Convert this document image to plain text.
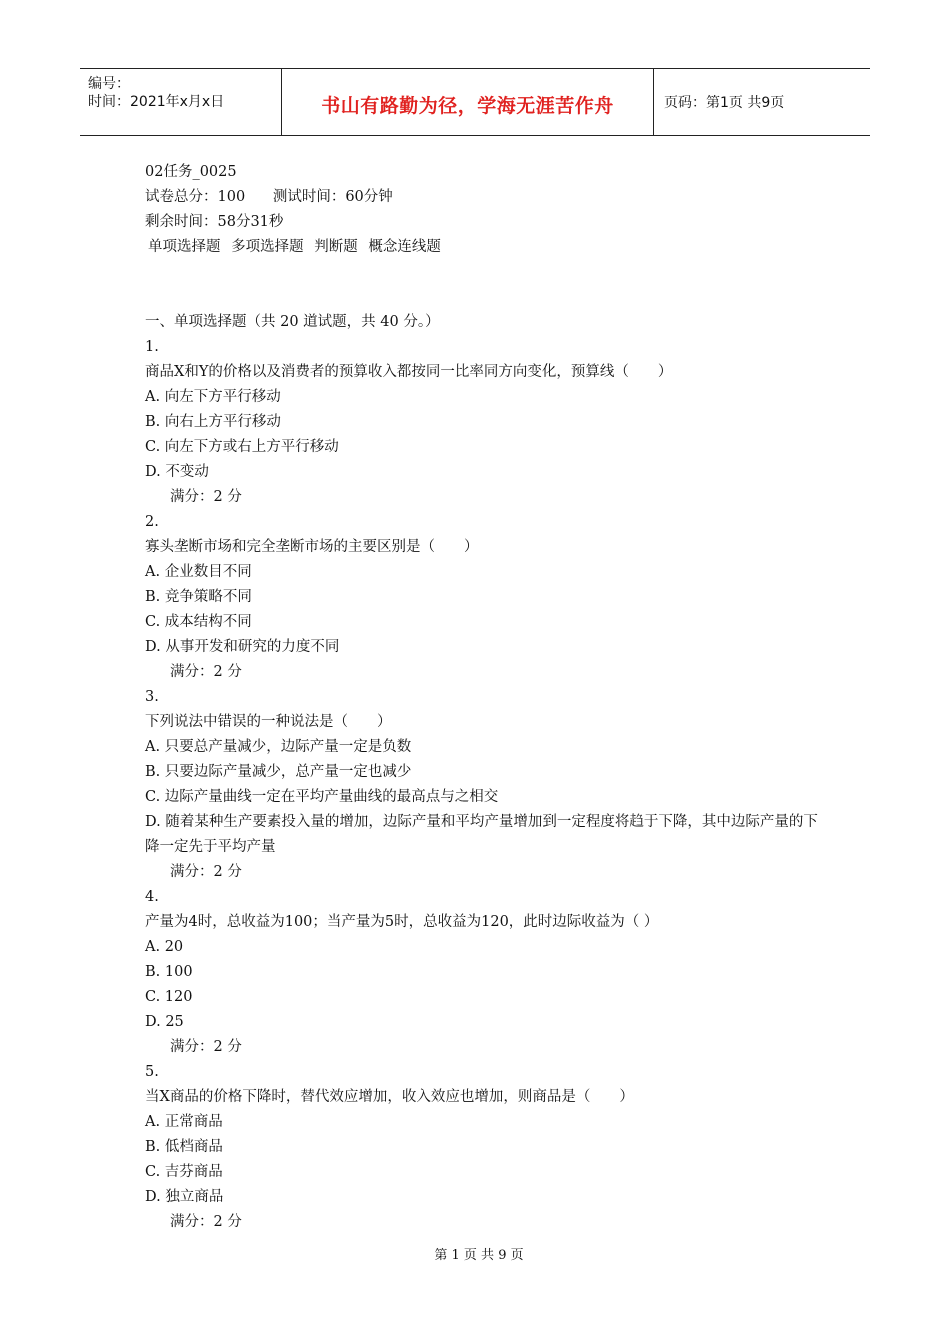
编号：
时间：2021年x月x日	书山有路勤为径，学海无涯苦作舟	页码：第1页 共9页
02任务_0025
试卷总分：100      测试时间：60分钟
剩余时间：58分31秒
单项选择题 多项选择题 判断题 概念连线题
一、单项选择题（共 20 道试题，共 40 分。）
1.
商品X和Y的价格以及消费者的预算收入都按同一比率同方向变化，预算线（　　）
A. 向左下方平行移动
B. 向右上方平行移动
C. 向左下方或右上方平行移动
D. 不变动
满分：2 分
2.
寡头垄断市场和完全垄断市场的主要区别是（　　）
A. 企业数目不同
B. 竞争策略不同
C. 成本结构不同
D. 从事开发和研究的力度不同
满分：2 分
3.
下列说法中错误的一种说法是（　　）
A. 只要总产量减少，边际产量一定是负数
B. 只要边际产量减少，总产量一定也减少
C. 边际产量曲线一定在平均产量曲线的最高点与之相交
D. 随着某种生产要素投入量的增加，边际产量和平均产量增加到一定程度将趋于下降，其中边际产量的下降一定先于平均产量
满分：2 分
4.
产量为4时，总收益为100；当产量为5时，总收益为120，此时边际收益为（ ）
A. 20
B. 100
C. 120
D. 25
满分：2 分
5.
当X商品的价格下降时，替代效应增加，收入效应也增加，则商品是（　　）
A. 正常商品
B. 低档商品
C. 吉芬商品
D. 独立商品
满分：2 分
第 1 页 共 9 页
